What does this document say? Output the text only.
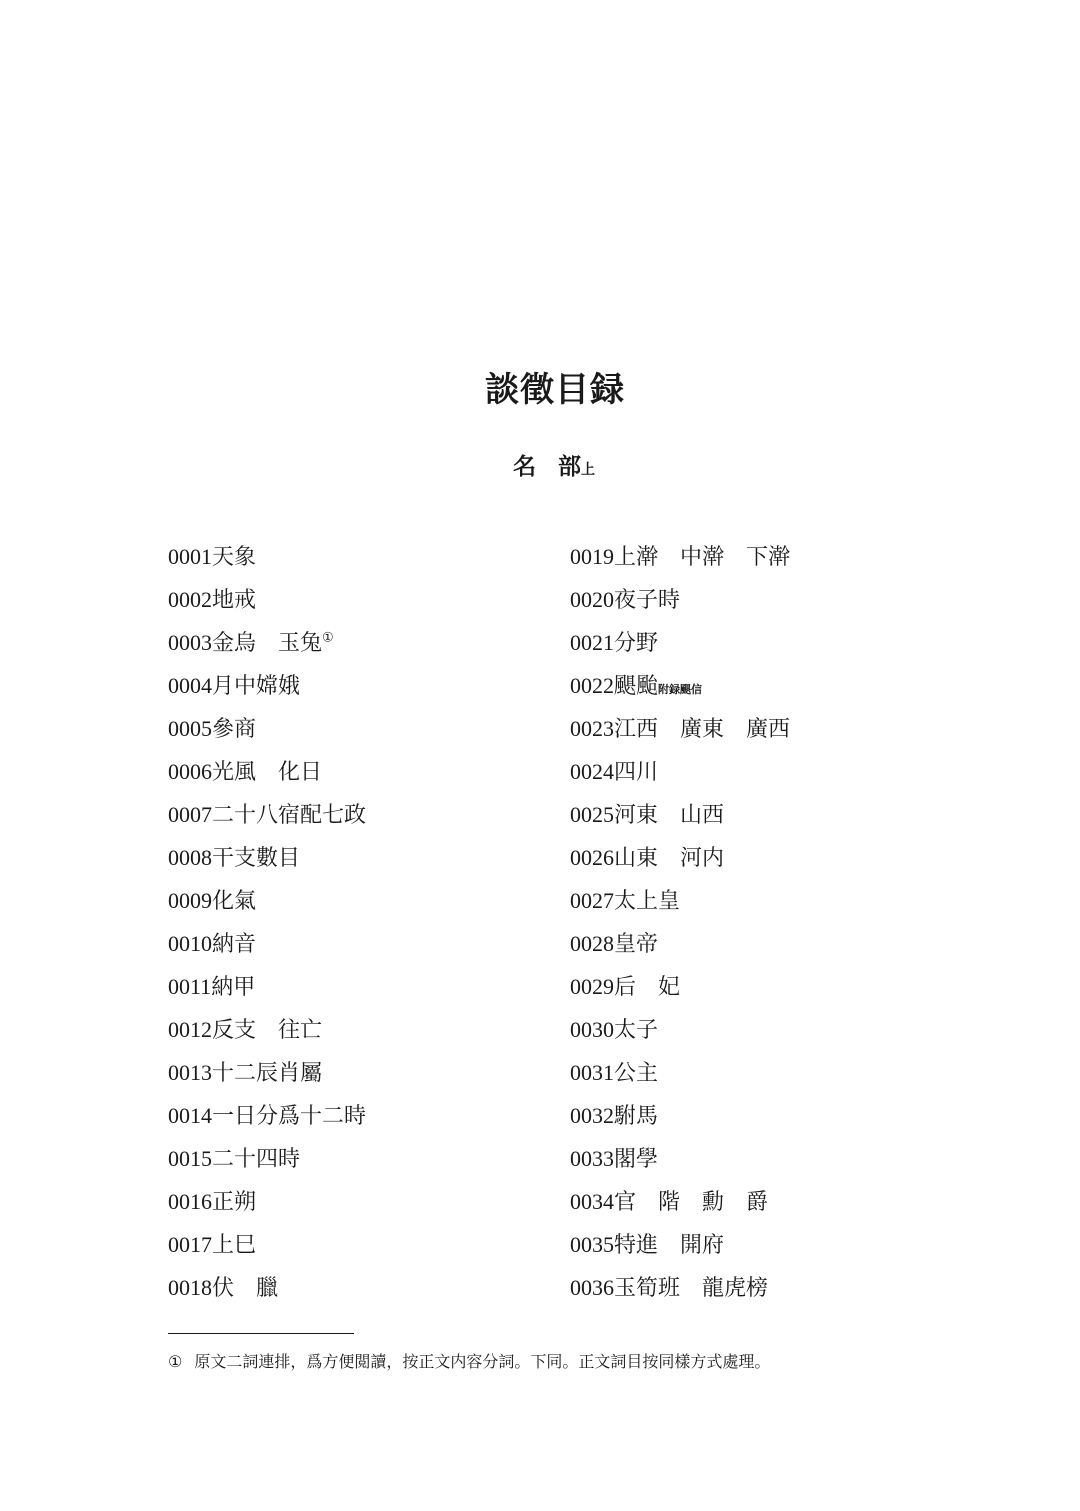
談徵目録
名 部上
0001天象
0002地戒
0003金烏　玉兔①
0004月中嫦娥
0005參商
0006光風　化日
0007二十八宿配七政
0008干支數目
0009化氣
0010納音
0011納甲
0012反支　往亡
0013十二辰肖屬
0014一日分爲十二時
0015二十四時
0016正朔
0017上巳
0018伏　臘
0019上澣　中澣　下澣
0020夜子時
0021分野
0022颶颱附録颶信
0023江西　廣東　廣西
0024四川
0025河東　山西
0026山東　河内
0027太上皇
0028皇帝
0029后　妃
0030太子
0031公主
0032駙馬
0033閣學
0034官　階　勳　爵
0035特進　開府
0036玉筍班　龍虎榜
① 原文二詞連排，爲方便閲讀，按正文内容分詞。下同。正文詞目按同樣方式處理。
